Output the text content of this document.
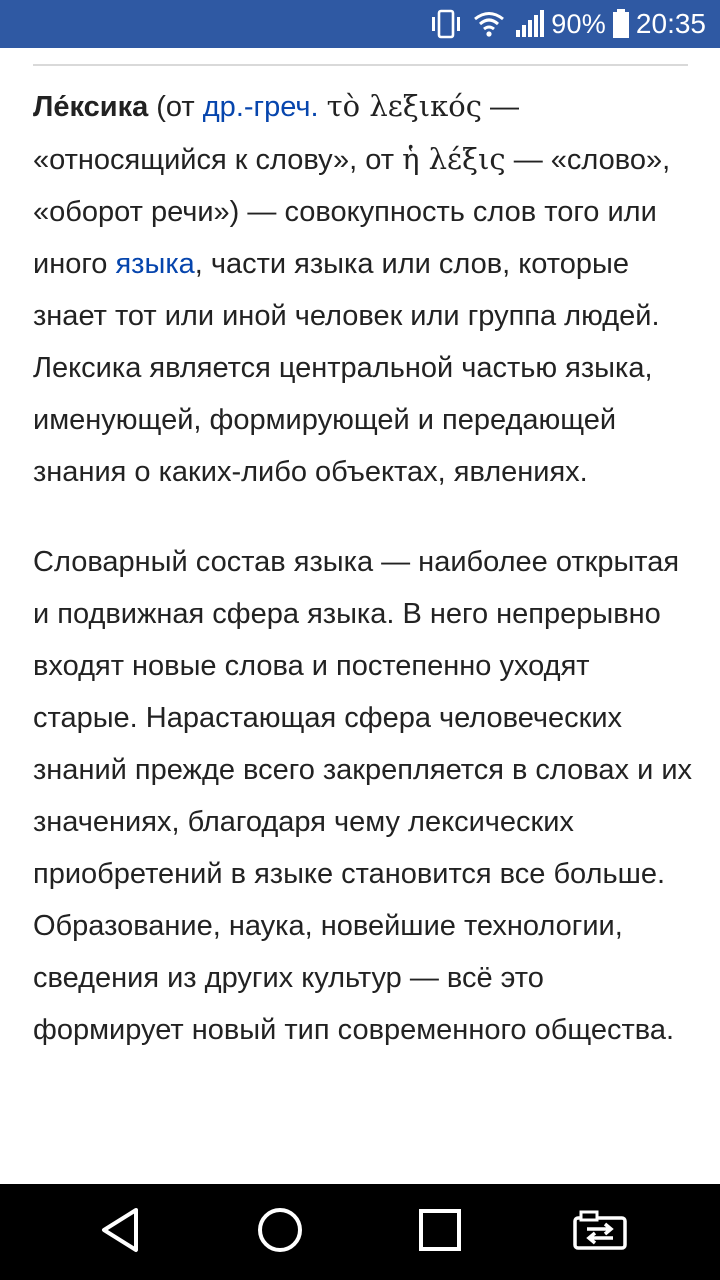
90% 20:35

Ле́ксика (от др.-греч. τὸ λεξικός — «относящийся к слову», от ἡ λέξις — «слово», «оборот речи») — совокупность слов того или иного языка, части языка или слов, которые знает тот или иной человек или группа людей. Лексика является центральной частью языка, именующей, формирующей и передающей знания о каких-либо объектах, явлениях.

Словарный состав языка — наиболее открытая и подвижная сфера языка. В него непрерывно входят новые слова и постепенно уходят старые. Нарастающая сфера человеческих знаний прежде всего закрепляется в словах и их значениях, благодаря чему лексических приобретений в языке становится все больше. Образование, наука, новейшие технологии, сведения из других культур — всё это формирует новый тип современного общества.
